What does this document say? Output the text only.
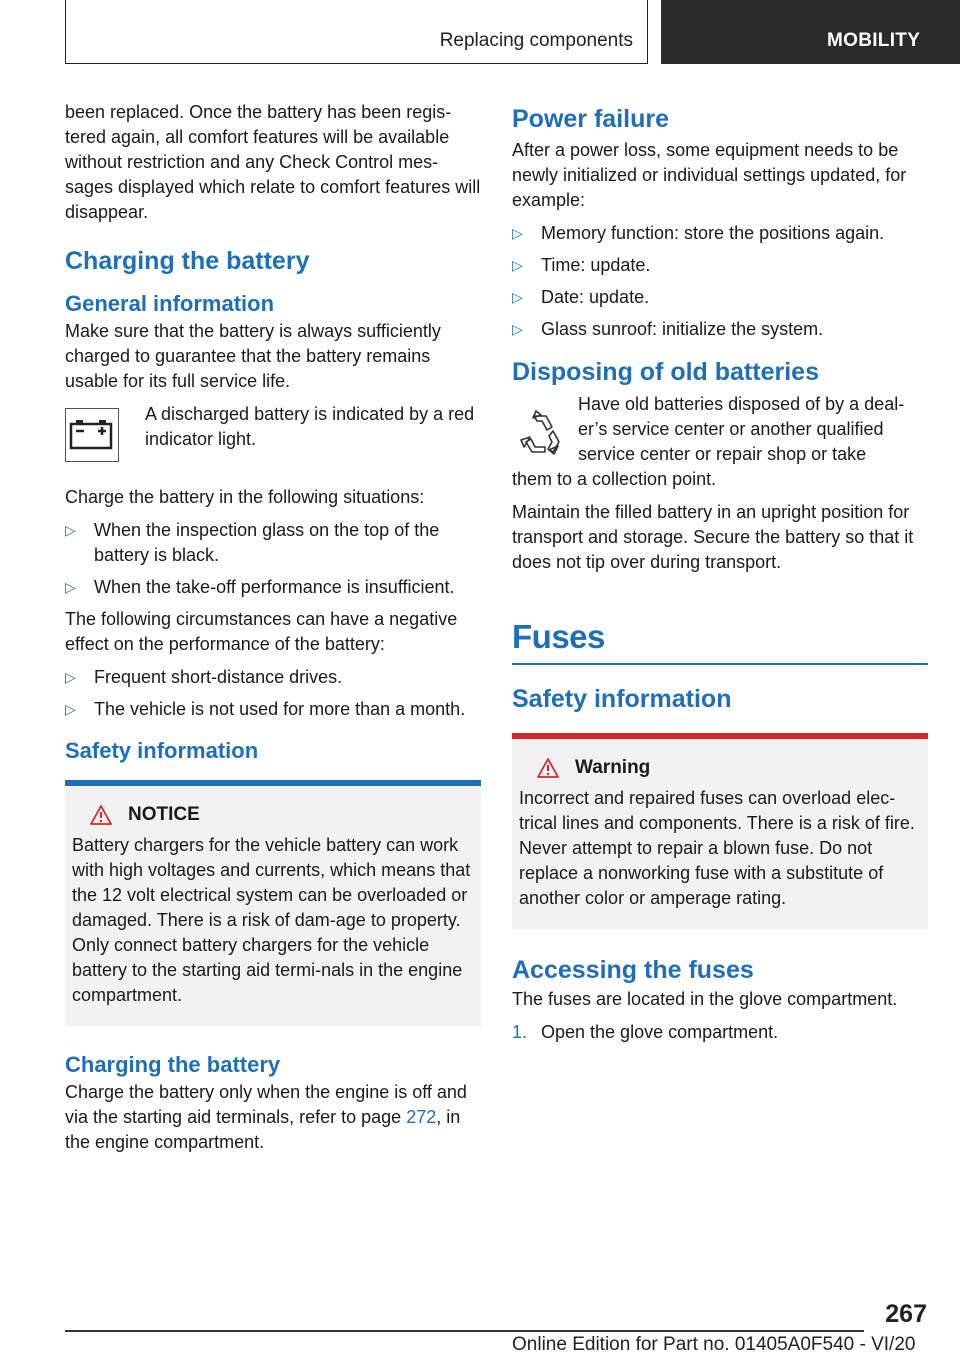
Replacing components	MOBILITY

been replaced. Once the battery has been regis‐tered again, all comfort features will be available without restriction and any Check Control mes‐sages displayed which relate to comfort features will disappear.

Charging the battery
General information

Make sure that the battery is always sufficiently charged to guarantee that the battery remains usable for its full service life.

A discharged battery is indicated by a red indicator light.

Charge the battery in the following situations:

▷ When the inspection glass on the top of the battery is black.
▷ When the take-off performance is insufficient.

The following circumstances can have a negative effect on the performance of the battery:

▷ Frequent short-distance drives.
▷ The vehicle is not used for more than a month.
Safety information
NOTICE

Battery chargers for the vehicle battery can work with high voltages and currents, which means that the 12 volt electrical system can be overloaded or damaged. There is a risk of dam‐age to property. Only connect battery chargers for the vehicle battery to the starting aid termi‐nals in the engine compartment.

Charging the battery

Charge the battery only when the engine is off and via the starting aid terminals, refer to page 272, in the engine compartment.

Power failure

After a power loss, some equipment needs to be newly initialized or individual settings updated, for example:

▷ Memory function: store the positions again.
▷ Time: update.
▷ Date: update.
▷ Glass sunroof: initialize the system.
Disposing of old batteries

Have old batteries disposed of by a deal‐er’s service center or another qualified service center or repair shop or take

them to a collection point.

Maintain the filled battery in an upright position for transport and storage. Secure the battery so that it does not tip over during transport.

Fuses
Safety information
Warning

Incorrect and repaired fuses can overload elec‐trical lines and components. There is a risk of fire. Never attempt to repair a blown fuse. Do not replace a nonworking fuse with a substitute of another color or amperage rating.

Accessing the fuses

The fuses are located in the glove compartment.

1. Open the glove compartment.
267
Online Edition for Part no. 01405A0F540 - VI/20
